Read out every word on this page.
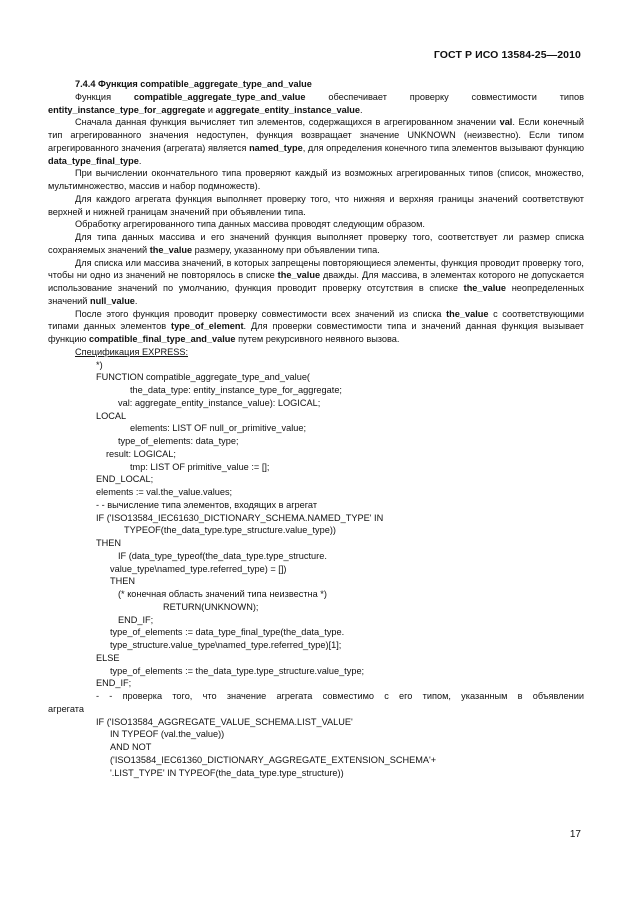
ГОСТ Р ИСО 13584-25—2010
7.4.4 Функция compatible_aggregate_type_and_value

Функция compatible_aggregate_type_and_value обеспечивает проверку совместимости типов entity_instance_type_for_aggregate и aggregate_entity_instance_value.

Сначала данная функция вычисляет тип элементов, содержащихся в агрегированном значении val. Если конечный тип агрегированного значения недоступен, функция возвращает значение UNKNOWN (неизвестно). Если типом агрегированного значения (агрегата) является named_type, для определения конечного типа элементов вызывают функцию data_type_final_type.

При вычислении окончательного типа проверяют каждый из возможных агрегированных типов (список, множество, мультимножество, массив и набор подмножеств).

Для каждого агрегата функция выполняет проверку того, что нижняя и верхняя границы значений соответствуют верхней и нижней границам значений при объявлении типа.

Обработку агрегированного типа данных массива проводят следующим образом.

Для типа данных массива и его значений функция выполняет проверку того, соответствует ли размер списка сохраняемых значений the_value размеру, указанному при объявлении типа.

Для списка или массива значений, в которых запрещены повторяющиеся элементы, функция проводит проверку того, чтобы ни одно из значений не повторялось в списке the_value дважды. Для массива, в элементах которого не допускается использование значений по умолчанию, функция проводит проверку отсутствия в списке the_value неопределенных значений null_value.

После этого функция проводит проверку совместимости всех значений из списка the_value с соответствующими типами данных элементов type_of_element. Для проверки совместимости типа и значений данная функция вызывает функцию compatible_final_type_and_value путем рекурсивного неявного вызова.

Спецификация EXPRESS:
*)
FUNCTION compatible_aggregate_type_and_value(
the_data_type: entity_instance_type_for_aggregate;
val: aggregate_entity_instance_value): LOGICAL;
LOCAL
elements: LIST OF null_or_primitive_value;
type_of_elements: data_type;
result: LOGICAL;
tmp: LIST OF primitive_value := [];
END_LOCAL;
elements := val.the_value.values;
- - вычисление типа элементов, входящих в агрегат
IF ('ISO13584_IEC61630_DICTIONARY_SCHEMA.NAMED_TYPE' IN
TYPEOF(the_data_type.type_structure.value_type))
THEN
IF (data_type_typeof(the_data_type.type_structure.
value_type\named_type.referred_type) = [])
THEN
(* конечная область значений типа неизвестна *)
RETURN(UNKNOWN);
END_IF;
type_of_elements := data_type_final_type(the_data_type.
type_structure.value_type\named_type.referred_type)[1];
ELSE
type_of_elements := the_data_type.type_structure.value_type;
END_IF;
- - проверка того, что значение агрегата совместимо с его типом, указанным в объявлении
агрегата
IF ('ISO13584_AGGREGATE_VALUE_SCHEMA.LIST_VALUE'
IN TYPEOF (val.the_value))
AND NOT
('ISO13584_IEC61360_DICTIONARY_AGGREGATE_EXTENSION_SCHEMA'+
'.LIST_TYPE' IN TYPEOF(the_data_type.type_structure))
17
